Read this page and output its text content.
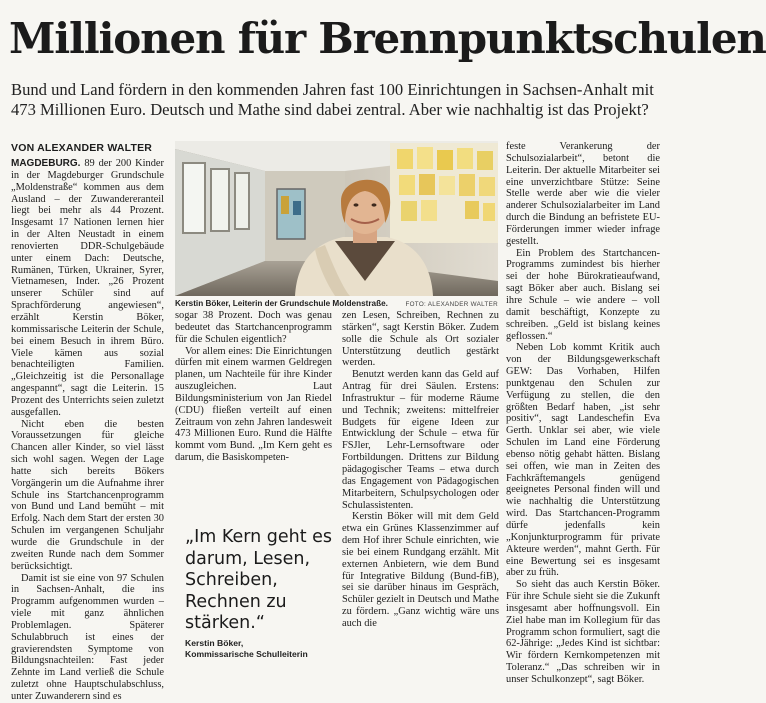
Millionen für Brennpunktschulen

Bund und Land fördern in den kommenden Jahren fast 100 Einrichtungen in Sachsen-Anhalt mit 473 Millionen Euro. Deutsch und Mathe sind dabei zentral. Aber wie nachhaltig ist das Projekt?

VON ALEXANDER WALTER

MAGDEBURG. 89 der 200 Kinder in der Magdeburger Grundschule „Moldenstraße“ kommen aus dem Ausland – der Zuwandereranteil liegt bei mehr als 44 Prozent. Insgesamt 17 Nationen lernen hier in der Alten Neustadt in einem renovierten DDR-Schulgebäude unter einem Dach: Deutsche, Rumänen, Türken, Ukrainer, Syrer, Vietnamesen, Inder. „26 Prozent unserer Schüler sind auf Sprachförderung angewiesen“, erzählt Kerstin Böker, kommissarische Leiterin der Schule, bei einem Besuch in ihrem Büro. Viele kämen aus sozial benachteiligten Familien. „Gleichzeitig ist die Personallage angespannt“, sagt die Leiterin. 15 Prozent des Unterrichts seien zuletzt ausgefallen.

Nicht eben die besten Voraussetzungen für gleiche Chancen aller Kinder, so viel lässt sich wohl sagen. Wegen der Lage hatte sich bereits Bökers Vorgängerin um die Aufnahme ihrer Schule ins Startchancenprogramm von Bund und Land bemüht – mit Erfolg. Nach dem Start der ersten 30 Schulen im vergangenen Schuljahr wurde die Grundschule in der zweiten Runde nach dem Sommer berücksichtigt.

Damit ist sie eine von 97 Schulen in Sachsen-Anhalt, die ins Programm aufgenommen wurden – viele mit ganz ähnlichen Problemlagen. Späterer Schulabbruch ist eines der gravierendsten Symptome von Bildungsnachteilen: Fast jeder Zehnte im Land verließ die Schule zuletzt ohne Hauptschulabschluss, unter Zuwanderern sind es

Kerstin Böker, Leiterin der Grundschule Moldenstraße.	FOTO: ALEXANDER WALTER

sogar 38 Prozent. Doch was genau bedeutet das Startchancenprogramm für die Schulen eigentlich?

Vor allem eines: Die Einrichtungen dürfen mit einem warmen Geldregen planen, um Nachteile für ihre Kinder auszugleichen. Laut Bildungsministerium von Jan Riedel (CDU) fließen verteilt auf einen Zeitraum von zehn Jahren landesweit 473 Millionen Euro. Rund die Hälfte kommt vom Bund. „Im Kern geht es darum, die Basiskompeten-

„Im Kern geht es darum, Lesen, Schreiben, Rechnen zu stärken.“

Kerstin Böker,
Kommissarische Schulleiterin

zen Lesen, Schreiben, Rechnen zu stärken“, sagt Kerstin Böker. Zudem solle die Schule als Ort sozialer Unterstützung deutlich gestärkt werden.

Benutzt werden kann das Geld auf Antrag für drei Säulen. Erstens: Infrastruktur – für moderne Räume und Technik; zweitens: mittelfreier Budgets für eigene Ideen zur Entwicklung der Schule – etwa für FSJler, Lehr-Lernsoftware oder Fortbildungen. Drittens zur Bildung pädagogischer Teams – etwa durch das Engagement von Pädagogischen Mitarbeitern, Schulpsychologen oder Schulassistenten.

Kerstin Böker will mit dem Geld etwa ein Grünes Klassenzimmer auf dem Hof ihrer Schule einrichten, wie sie bei einem Rundgang erzählt. Mit externen Anbietern, wie dem Bund für Integrative Bildung (Bund-fiB), sei sie darüber hinaus im Gespräch, Schüler gezielt in Deutsch und Mathe zu fördern. „Ganz wichtig wäre uns auch die

feste Verankerung der Schulsozialarbeit“, betont die Leiterin. Der aktuelle Mitarbeiter sei eine unverzichtbare Stütze: Seine Stelle werde aber wie die vieler anderer Schulsozialarbeiter im Land durch die Bindung an befristete EU-Förderungen immer wieder infrage gestellt.

Ein Problem des Startchancen-Programms zumindest bis hierher sei der hohe Bürokratieaufwand, sagt Böker aber auch. Bislang sei ihre Schule – wie andere – voll damit beschäftigt, Konzepte zu schreiben. „Geld ist bislang keines geflossen.“

Neben Lob kommt Kritik auch von der Bildungsgewerkschaft GEW: Das Vorhaben, Hilfen punktgenau den Schulen zur Verfügung zu stellen, die den größten Bedarf haben, „ist sehr positiv“, sagt Landeschefin Eva Gerth. Unklar sei aber, wie viele Schulen im Land eine Förderung ebenso nötig gehabt hätten. Bislang sei offen, wie man in Zeiten des Fachkräftemangels genügend geeignetes Personal finden will und wie nachhaltig die Unterstützung wird. Das Startchancen-Programm dürfe jedenfalls kein „Konjunkturprogramm für private Akteure werden“, mahnt Gerth. Für eine Bewertung sei es insgesamt aber zu früh.

So sieht das auch Kerstin Böker. Für ihre Schule sieht sie die Zukunft insgesamt aber hoffnungsvoll. Ein Ziel habe man im Kollegium für das Programm schon formuliert, sagt die 62-Jährige: „Jedes Kind ist sichtbar: Wir fördern Kernkompetenzen mit Toleranz.“ „Das schreiben wir in unser Schulkonzept“, sagt Böker.
